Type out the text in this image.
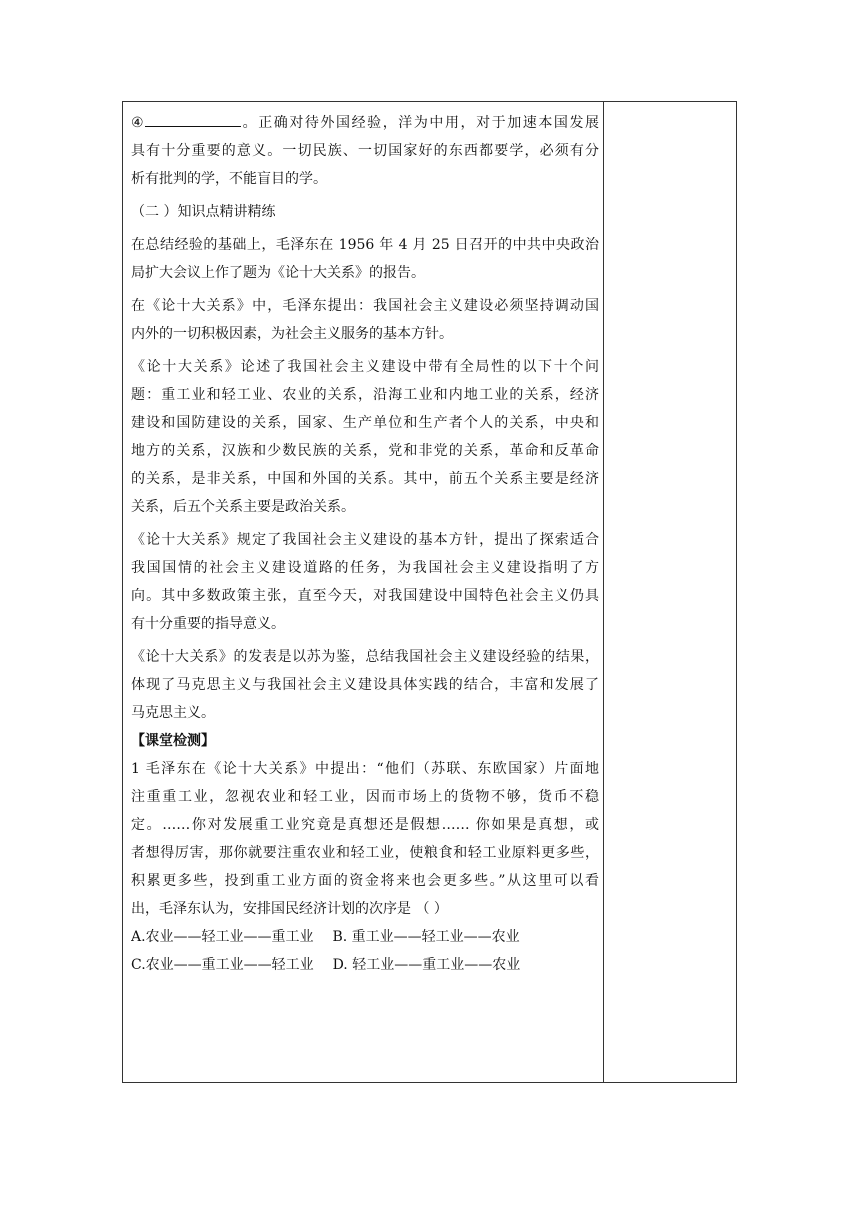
④	。正确对待外国经验，洋为中用，对于加速本国发展
具有十分重要的意义。一切民族、一切国家好的东西都要学，必须有分
析有批判的学，不能盲目的学。
（二 ）知识点精讲精练
在总结经验的基础上，毛泽东在 1956 年 4 月 25 日召开的中共中央政治
局扩大会议上作了题为《论十大关系》的报告。
在《论十大关系》中，毛泽东提出：我国社会主义建设必须坚持调动国
内外的一切积极因素，为社会主义服务的基本方针。
《论十大关系》论述了我国社会主义建设中带有全局性的以下十个问
题：重工业和轻工业、农业的关系，沿海工业和内地工业的关系，经济
建设和国防建设的关系，国家、生产单位和生产者个人的关系，中央和
地方的关系，汉族和少数民族的关系，党和非党的关系，革命和反革命
的关系，是非关系，中国和外国的关系。其中，前五个关系主要是经济
关系，后五个关系主要是政治关系。
《论十大关系》规定了我国社会主义建设的基本方针，提出了探索适合
我国国情的社会主义建设道路的任务，为我国社会主义建设指明了方
向。其中多数政策主张，直至今天，对我国建设中国特色社会主义仍具
有十分重要的指导意义。
《论十大关系》的发表是以苏为鉴，总结我国社会主义建设经验的结果，
体现了马克思主义与我国社会主义建设具体实践的结合，丰富和发展了
马克思主义。
【课堂检测】
1 毛泽东在《论十大关系》中提出：“他们（苏联、东欧国家）片面地
注重重工业，忽视农业和轻工业，因而市场上的货物不够，货币不稳
定。……你对发展重工业究竟是真想还是假想…… 你如果是真想，或
者想得厉害，那你就要注重农业和轻工业，使粮食和轻工业原料更多些，
积累更多些，投到重工业方面的资金将来也会更多些。”从这里可以看
出，毛泽东认为，安排国民经济计划的次序是 （ ）
A.农业——轻工业——重工业 B. 重工业——轻工业——农业
C.农业——重工业——轻工业 D. 轻工业——重工业——农业
